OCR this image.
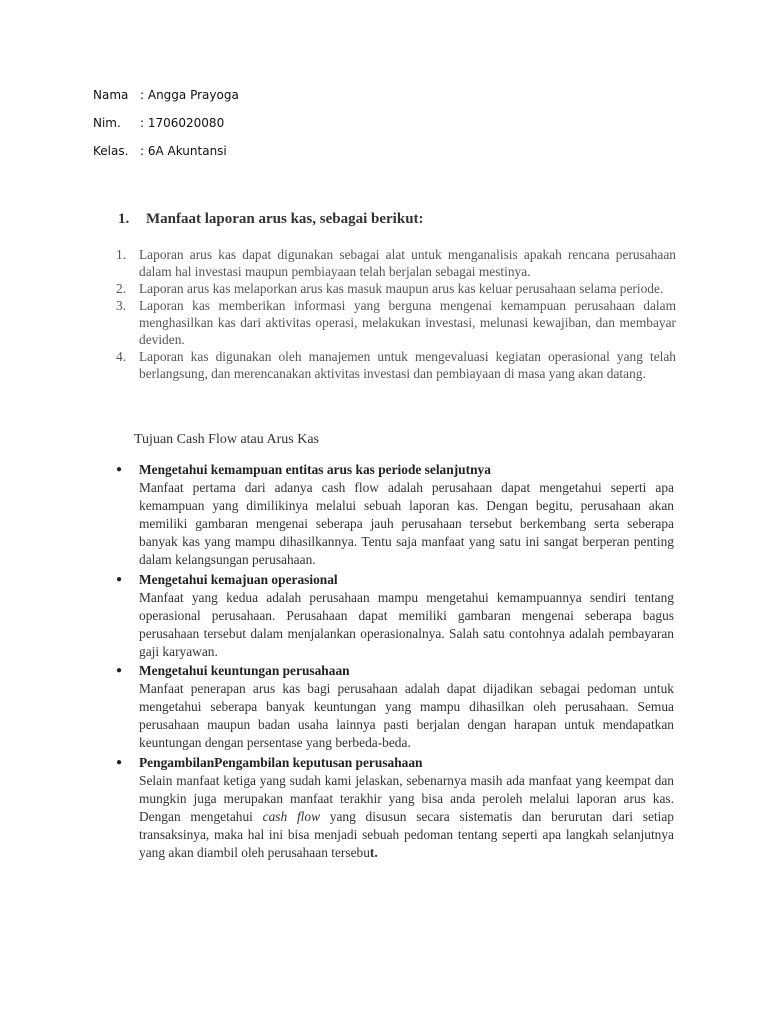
Nama : Angga Prayoga
Nim. : 1706020080
Kelas. : 6A Akuntansi
1. Manfaat laporan arus kas, sebagai berikut:
1. Laporan arus kas dapat digunakan sebagai alat untuk menganalisis apakah rencana perusahaan dalam hal investasi maupun pembiayaan telah berjalan sebagai mestinya.
2. Laporan arus kas melaporkan arus kas masuk maupun arus kas keluar perusahaan selama periode.
3. Laporan kas memberikan informasi yang berguna mengenai kemampuan perusahaan dalam menghasilkan kas dari aktivitas operasi, melakukan investasi, melunasi kewajiban, dan membayar deviden.
4. Laporan kas digunakan oleh manajemen untuk mengevaluasi kegiatan operasional yang telah berlangsung, dan merencanakan aktivitas investasi dan pembiayaan di masa yang akan datang.
Tujuan Cash Flow atau Arus Kas
● Mengetahui kemampuan entitas arus kas periode selanjutnya
Manfaat pertama dari adanya cash flow adalah perusahaan dapat mengetahui seperti apa kemampuan yang dimilikinya melalui sebuah laporan kas. Dengan begitu, perusahaan akan memiliki gambaran mengenai seberapa jauh perusahaan tersebut berkembang serta seberapa banyak kas yang mampu dihasilkannya. Tentu saja manfaat yang satu ini sangat berperan penting dalam kelangsungan perusahaan.
● Mengetahui kemajuan operasional
Manfaat yang kedua adalah perusahaan mampu mengetahui kemampuannya sendiri tentang operasional perusahaan. Perusahaan dapat memiliki gambaran mengenai seberapa bagus perusahaan tersebut dalam menjalankan operasionalnya. Salah satu contohnya adalah pembayaran gaji karyawan.
● Mengetahui keuntungan perusahaan
Manfaat penerapan arus kas bagi perusahaan adalah dapat dijadikan sebagai pedoman untuk mengetahui seberapa banyak keuntungan yang mampu dihasilkan oleh perusahaan. Semua perusahaan maupun badan usaha lainnya pasti berjalan dengan harapan untuk mendapatkan keuntungan dengan persentase yang berbeda-beda.
● PengambilanPengambilan keputusan perusahaan
Selain manfaat ketiga yang sudah kami jelaskan, sebenarnya masih ada manfaat yang keempat dan mungkin juga merupakan manfaat terakhir yang bisa anda peroleh melalui laporan arus kas. Dengan mengetahui cash flow yang disusun secara sistematis dan berurutan dari setiap transaksinya, maka hal ini bisa menjadi sebuah pedoman tentang seperti apa langkah selanjutnya yang akan diambil oleh perusahaan tersebut.
